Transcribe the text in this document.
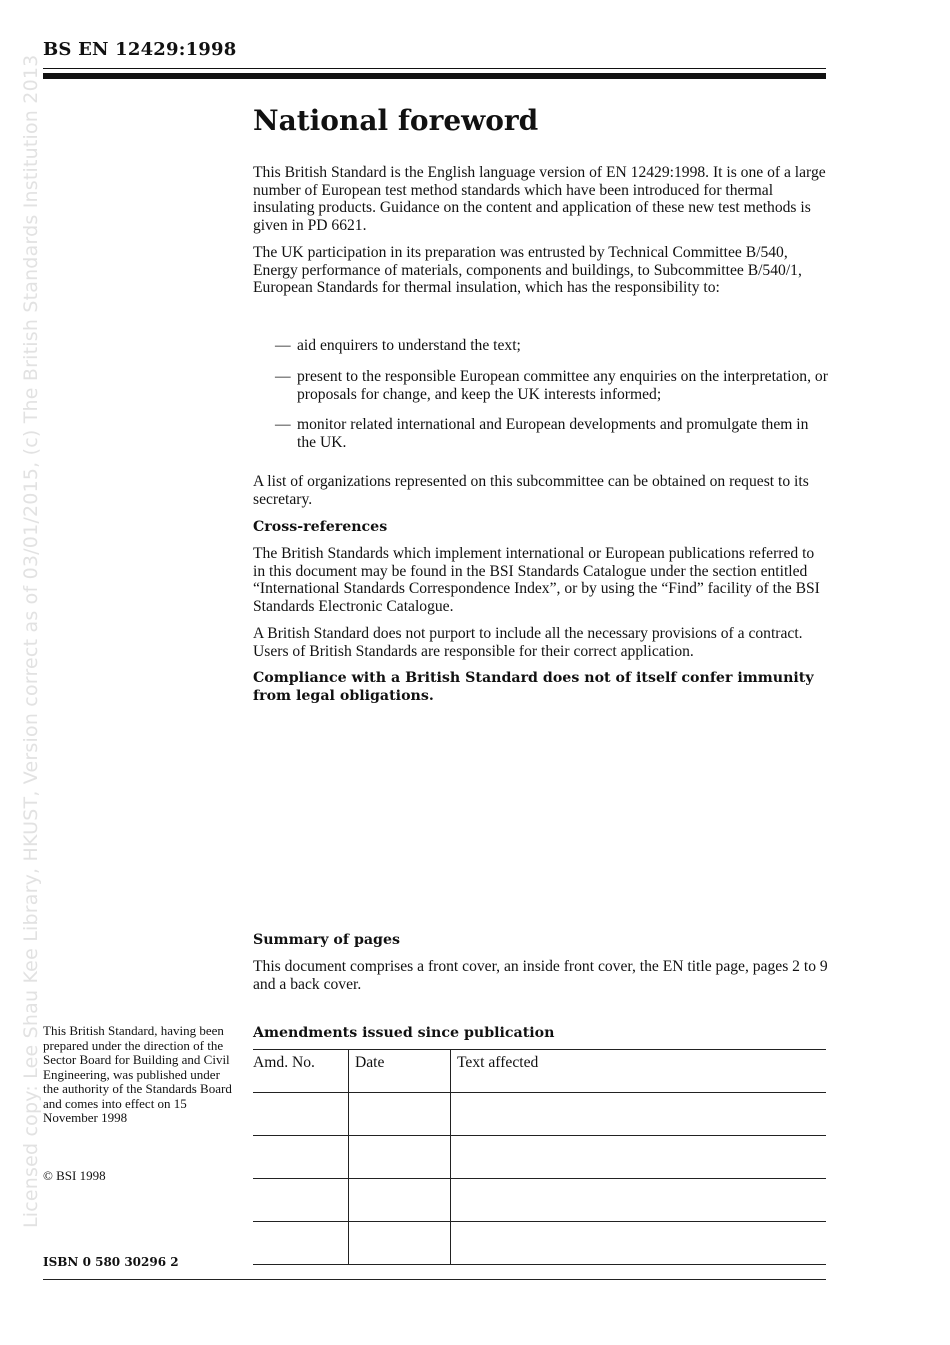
BS EN 12429:1998
Licensed copy: Lee Shau Kee Library, HKUST, Version correct as of 03/01/2015, (c) The British Standards Institution 2013	National foreword

This British Standard is the English language version of EN 12429:1998. It is one of a large number of European test method standards which have been introduced for thermal insulating products. Guidance on the content and application of these new test methods is given in PD 6621.

The UK participation in its preparation was entrusted by Technical Committee B/540, Energy performance of materials, components and buildings, to Subcommittee B/540/1, European Standards for thermal insulation, which has the responsibility to:

— aid enquirers to understand the text;
— present to the responsible European committee any enquiries on the interpretation, or proposals for change, and keep the UK interests informed;
— monitor related international and European developments and promulgate them in the UK.

A list of organizations represented on this subcommittee can be obtained on request to its secretary.

Cross-references

The British Standards which implement international or European publications referred to in this document may be found in the BSI Standards Catalogue under the section entitled “International Standards Correspondence Index”, or by using the “Find” facility of the BSI Standards Electronic Catalogue.

A British Standard does not purport to include all the necessary provisions of a contract. Users of British Standards are responsible for their correct application.

Compliance with a British Standard does not of itself confer immunity from legal obligations.

Summary of pages

This document comprises a front cover, an inside front cover, the EN title page, pages 2 to 9 and a back cover.

Amendments issued since publication
Amd. No.	Date	Text affected

This British Standard, having been prepared under the direction of the Sector Board for Building and Civil Engineering, was published under the authority of the Standards Board and comes into effect on 15 November 1998
© BSI 1998
ISBN 0 580 30296 2
